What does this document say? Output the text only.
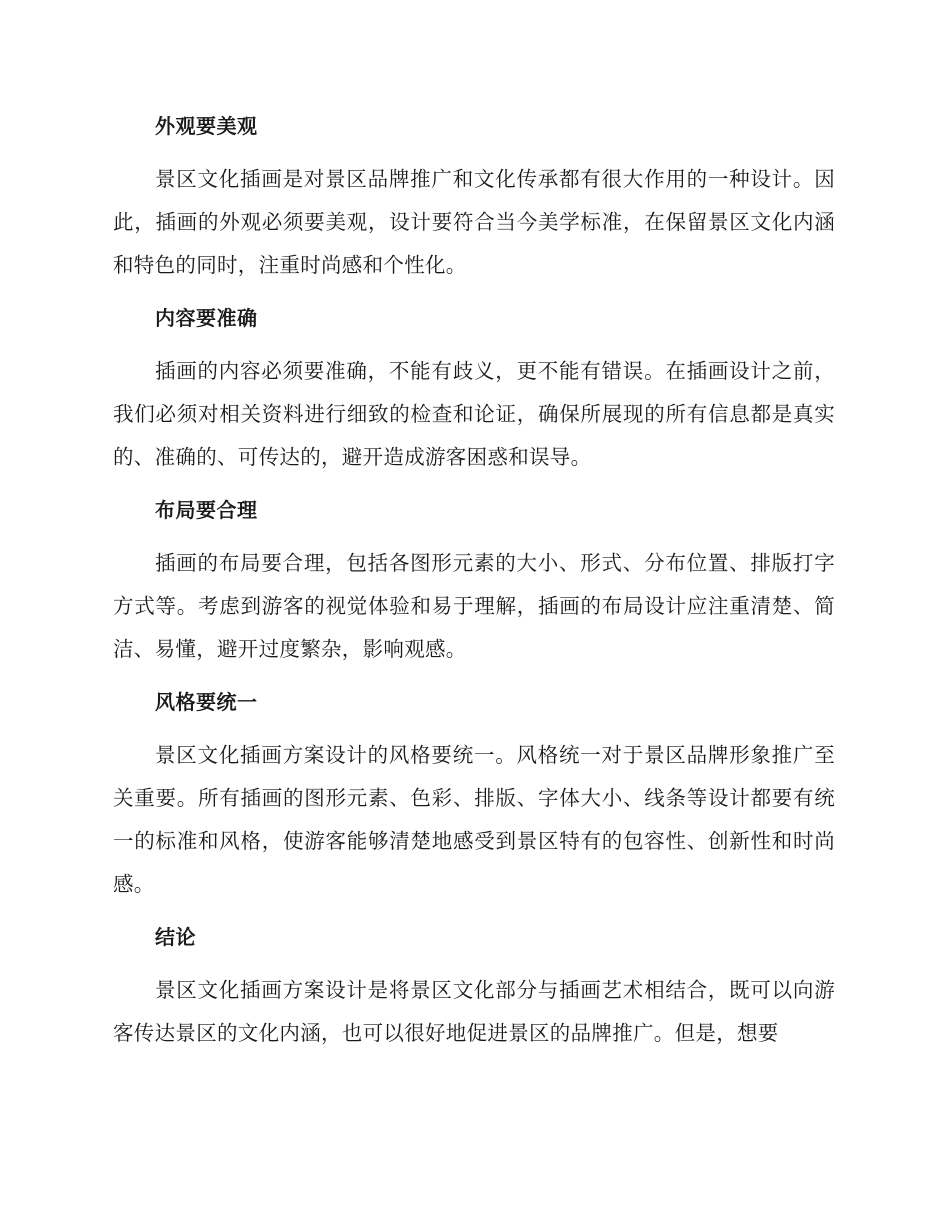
外观要美观

景区文化插画是对景区品牌推广和文化传承都有很大作用的一种设计。因此，插画的外观必须要美观，设计要符合当今美学标准，在保留景区文化内涵和特色的同时，注重时尚感和个性化。

内容要准确

插画的内容必须要准确，不能有歧义，更不能有错误。在插画设计之前，我们必须对相关资料进行细致的检查和论证，确保所展现的所有信息都是真实的、准确的、可传达的，避开造成游客困惑和误导。

布局要合理

插画的布局要合理，包括各图形元素的大小、形式、分布位置、排版打字方式等。考虑到游客的视觉体验和易于理解，插画的布局设计应注重清楚、简洁、易懂，避开过度繁杂，影响观感。

风格要统一

景区文化插画方案设计的风格要统一。风格统一对于景区品牌形象推广至关重要。所有插画的图形元素、色彩、排版、字体大小、线条等设计都要有统一的标准和风格，使游客能够清楚地感受到景区特有的包容性、创新性和时尚感。

结论

景区文化插画方案设计是将景区文化部分与插画艺术相结合，既可以向游客传达景区的文化内涵，也可以很好地促进景区的品牌推广。但是，想要
